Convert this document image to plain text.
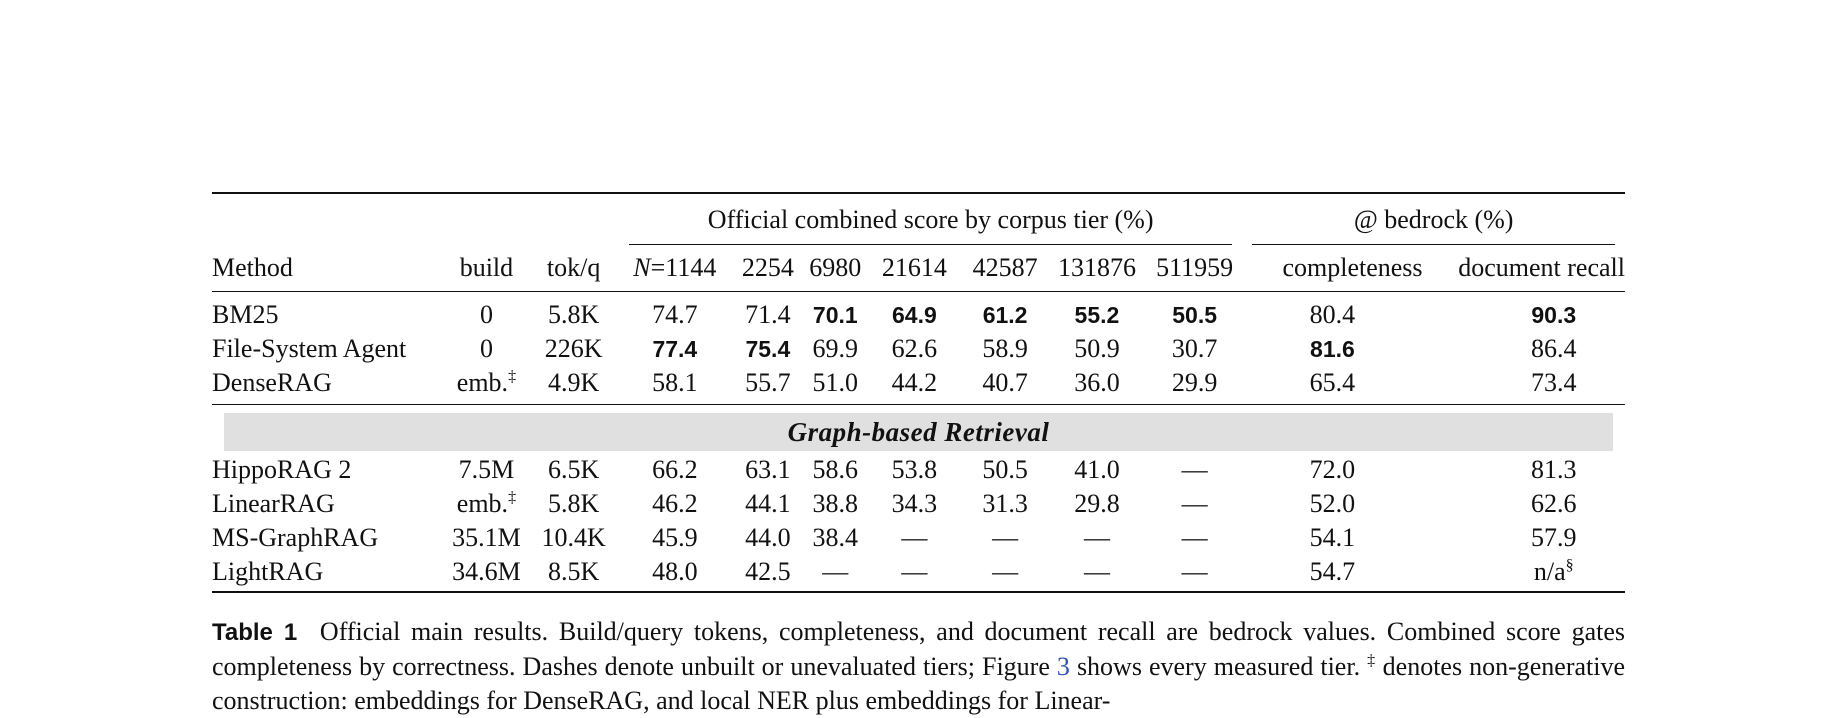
			Official combined score by corpus tier (%)							@ bedrock (%)	

Method	build	tok/q	N=1144	2254	6980	21614	42587	131876	511959	completeness	document recall
BM25	0	5.8K	74.7	71.4	70.1	64.9	61.2	55.2	50.5	80.4	90.3
File-System Agent	0	226K	77.4	75.4	69.9	62.6	58.9	50.9	30.7	81.6	86.4
DenseRAG	emb.‡	4.9K	58.1	55.7	51.0	44.2	40.7	36.0	29.9	65.4	73.4

Graph-based Retrieval											

HippoRAG 2	7.5M	6.5K	66.2	63.1	58.6	53.8	50.5	41.0	—	72.0	81.3
LinearRAG	emb.‡	5.8K	46.2	44.1	38.8	34.3	31.3	29.8	—	52.0	62.6
MS-GraphRAG	35.1M	10.4K	45.9	44.0	38.4	—	—	—	—	54.1	57.9
LightRAG	34.6M	8.5K	48.0	42.5	—	—	—	—	—	54.7	n/a§
Table 1 Official main results. Build/query tokens, completeness, and document recall are bedrock values. Combined score gates completeness by correctness. Dashes denote unbuilt or unevaluated tiers; Figure 3 shows every measured tier. ‡ denotes non-generative construction: embeddings for DenseRAG, and local NER plus embeddings for Linear-
